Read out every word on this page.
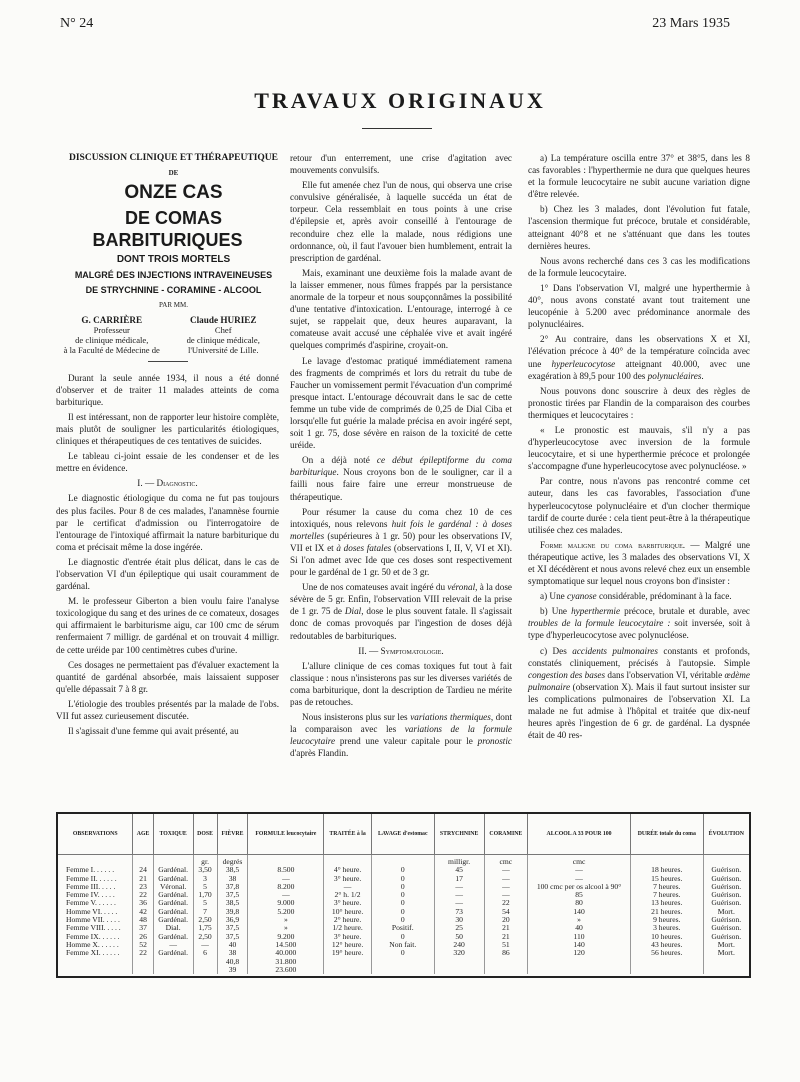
N° 24	23 Mars 1935
TRAVAUX ORIGINAUX

DISCUSSION CLINIQUE ET THÉRAPEUTIQUE

DE

ONZE CAS

DE COMAS BARBITURIQUES

DONT TROIS MORTELS

MALGRÉ DES INJECTIONS INTRAVEINEUSES

DE STRYCHNINE - CORAMINE - ALCOOL

PAR MM.

G. CARRIÈRE
Professeur
de clinique médicale,
à la Faculté de Médecine de
Claude HURIEZ
Chef
de clinique médicale,
l'Université de Lille.

Durant la seule année 1934, il nous a été donné d'observer et de traiter 11 malades atteints de coma barbiturique.

Il est intéressant, non de rapporter leur histoire complète, mais plutôt de souligner les particularités étiologiques, cliniques et thérapeutiques de ces tentatives de suicides.

Le tableau ci-joint essaie de les condenser et de les mettre en évidence.

I. — Diagnostic.

Le diagnostic étiologique du coma ne fut pas toujours des plus faciles. Pour 8 de ces malades, l'anamnèse fournie par le certificat d'admission ou l'interrogatoire de l'entourage de l'intoxiqué affirmait la nature barbiturique du coma et précisait même la dose ingérée.

Le diagnostic d'entrée était plus délicat, dans le cas de l'observation VI d'un épileptique qui usait couramment de gardénal.

M. le professeur Giberton a bien voulu faire l'analyse toxicologique du sang et des urines de ce comateux, dosages qui affirmaient le barbiturisme aigu, car 100 cmc de sérum renfermaient 7 milligr. de gardénal et on trouvait 4 milligr. de cette uréide par 100 centimètres cubes d'urine.

Ces dosages ne permettaient pas d'évaluer exactement la quantité de gardénal absorbée, mais laissaient supposer qu'elle dépassait 7 à 8 gr.

L'étiologie des troubles présentés par la malade de l'obs. VII fut assez curieusement discutée.

Il s'agissait d'une femme qui avait présenté, au

retour d'un enterrement, une crise d'agitation avec mouvements convulsifs.

Elle fut amenée chez l'un de nous, qui observa une crise convulsive généralisée, à laquelle succéda un état de torpeur. Cela ressemblait en tous points à une crise d'épilepsie et, après avoir conseillé à l'entourage de reconduire chez elle la malade, nous rédigions une ordonnance, où, il faut l'avouer bien humblement, entrait la prescription de gardénal.

Mais, examinant une deuxième fois la malade avant de la laisser emmener, nous fûmes frappés par la persistance anormale de la torpeur et nous soupçonnâmes la possibilité d'une tentative d'intoxication. L'entourage, interrogé à ce sujet, se rappelait que, deux heures auparavant, la comateuse avait accusé une céphalée vive et avait ingéré quelques comprimés d'aspirine, croyait-on.

Le lavage d'estomac pratiqué immédiatement ramena des fragments de comprimés et lors du retrait du tube de Faucher un vomissement permit l'évacuation d'un comprimé presque intact. L'entourage découvrait dans le sac de cette femme un tube vide de comprimés de 0,25 de Dial Ciba et lorsqu'elle fut guérie la malade précisa en avoir ingéré sept, soit 1 gr. 75, dose sévère en raison de la toxicité de cette uréide.

On a déjà noté ce début épileptiforme du coma barbiturique. Nous croyons bon de le souligner, car il a failli nous faire faire une erreur monstrueuse de thérapeutique.

Pour résumer la cause du coma chez 10 de ces intoxiqués, nous relevons huit fois le gardénal : à doses mortelles (supérieures à 1 gr. 50) pour les observations IV, VII et IX et à doses fatales (observations I, II, V, VI et XI). Si l'on admet avec Ide que ces doses sont respectivement pour le gardénal de 1 gr. 50 et de 3 gr.

Une de nos comateuses avait ingéré du véronal, à la dose sévère de 5 gr. Enfin, l'observation VIII relevait de la prise de 1 gr. 75 de Dial, dose le plus souvent fatale. Il s'agissait donc de comas provoqués par l'ingestion de doses déjà redoutables de barbituriques.

II. — Symptomatologie.

L'allure clinique de ces comas toxiques fut tout à fait classique : nous n'insisterons pas sur les diverses variétés de coma barbiturique, dont la description de Tardieu ne mérite pas de retouches.

Nous insisterons plus sur les variations thermiques, dont la comparaison avec les variations de la formule leucocytaire prend une valeur capitale pour le pronostic d'après Flandin.

a) La température oscilla entre 37° et 38°5, dans les 8 cas favorables : l'hyperthermie ne dura que quelques heures et la formule leucocytaire ne subit aucune variation digne d'être relevée.

b) Chez les 3 malades, dont l'évolution fut fatale, l'ascension thermique fut précoce, brutale et considérable, atteignant 40°8 et ne s'atténuant que dans les toutes dernières heures.

Nous avons recherché dans ces 3 cas les modifications de la formule leucocytaire.

1° Dans l'observation VI, malgré une hyperthermie à 40°, nous avons constaté avant tout traitement une leucopénie à 5.200 avec prédominance anormale des polynucléaires.

2° Au contraire, dans les observations X et XI, l'élévation précoce à 40° de la température coïncida avec une hyperleucocytose atteignant 40.000, avec une exagération à 89,5 pour 100 des polynucléaires.

Nous pouvons donc souscrire à deux des règles de pronostic tirées par Flandin de la comparaison des courbes thermiques et leucocytaires :

« Le pronostic est mauvais, s'il n'y a pas d'hyperleucocytose avec inversion de la formule leucocytaire, et si une hyperthermie précoce et prolongée s'accompagne d'une hyperleucocytose avec polynucléose. »

Par contre, nous n'avons pas rencontré comme cet auteur, dans les cas favorables, l'association d'une hyperleucocytose polynucléaire et d'un clocher thermique tardif de courte durée : cela tient peut-être à la thérapeutique utilisée chez ces malades.

Forme maligne du coma barbiturique. — Malgré une thérapeutique active, les 3 malades des observations VI, X et XI décédèrent et nous avons relevé chez eux un ensemble symptomatique sur lequel nous croyons bon d'insister :

a) Une cyanose considérable, prédominant à la face.

b) Une hyperthermie précoce, brutale et durable, avec troubles de la formule leucocytaire : soit inversée, soit à type d'hyperleucocytose avec polynucléose.

c) Des accidents pulmonaires constants et profonds, constatés cliniquement, précisés à l'autopsie. Simple congestion des bases dans l'observation VI, véritable œdème pulmonaire (observation X). Mais il faut surtout insister sur les complications pulmonaires de l'observation XI. La malade ne fut admise à l'hôpital et traitée que dix-neuf heures après l'ingestion de 6 gr. de gardénal. La dyspnée était de 40 res-

OBSERVATIONS	AGE	TOXIQUE	DOSE	FIÈVRE	FORMULE leucocytaire	TRAITÉE à la	LAVAGE d'estomac	STRYCHNINE	CORAMINE	ALCOOL A 33 POUR 100	DURÉE totale du coma	ÉVOLUTION
			gr.	degrés				milligr.	cmc	cmc		
Femme I. . . . . .	24	Gardénal.	3,50	38,5	8.500	4° heure.	0	45	—	—	18 heures.	Guérison.
Femme II. . . . . .	21	Gardénal.	3	38	—	3° heure.	0	17	—	—	15 heures.	Guérison.
Femme III. . . . .	23	Véronal.	5	37,8	8.200	—	0	—	—	100 cmc per os alcool à 90°	7 heures.	Guérison.
Femme IV. . . . .	22	Gardénal.	1,70	37,5	—	2° h. 1/2	0	—	—	85	7 heures.	Guérison.
Femme V. . . . . .	36	Gardénal.	5	38,5	9.000	3° heure.	0	—	22	80	13 heures.	Guérison.
Homme VI. . . . .	42	Gardénal.	7	39,8	5.200	10° heure.	0	73	54	140	21 heures.	Mort.
Homme VII. . . . .	48	Gardénal.	2,50	36,9	»	2° heure.	0	30	20	»	9 heures.	Guérison.
Femme VIII. . . . .	37	Dial.	1,75	37,5	»	1/2 heure.	Positif.	25	21	40	3 heures.	Guérison.
Femme IX. . . . . .	26	Gardénal.	2,50	37,5	9.200	3° heure.	0	50	21	110	10 heures.	Guérison.
Homme X. . . . . .	52	—	—	40	14.500	12° heure.	Non fait.	240	51	140	43 heures.	Mort.
Femme XI. . . . . .	22	Gardénal.	6	38	40.000	19° heure.	0	320	86	120	56 heures.	Mort.
				40,8	31.800							
				39	23.600							
